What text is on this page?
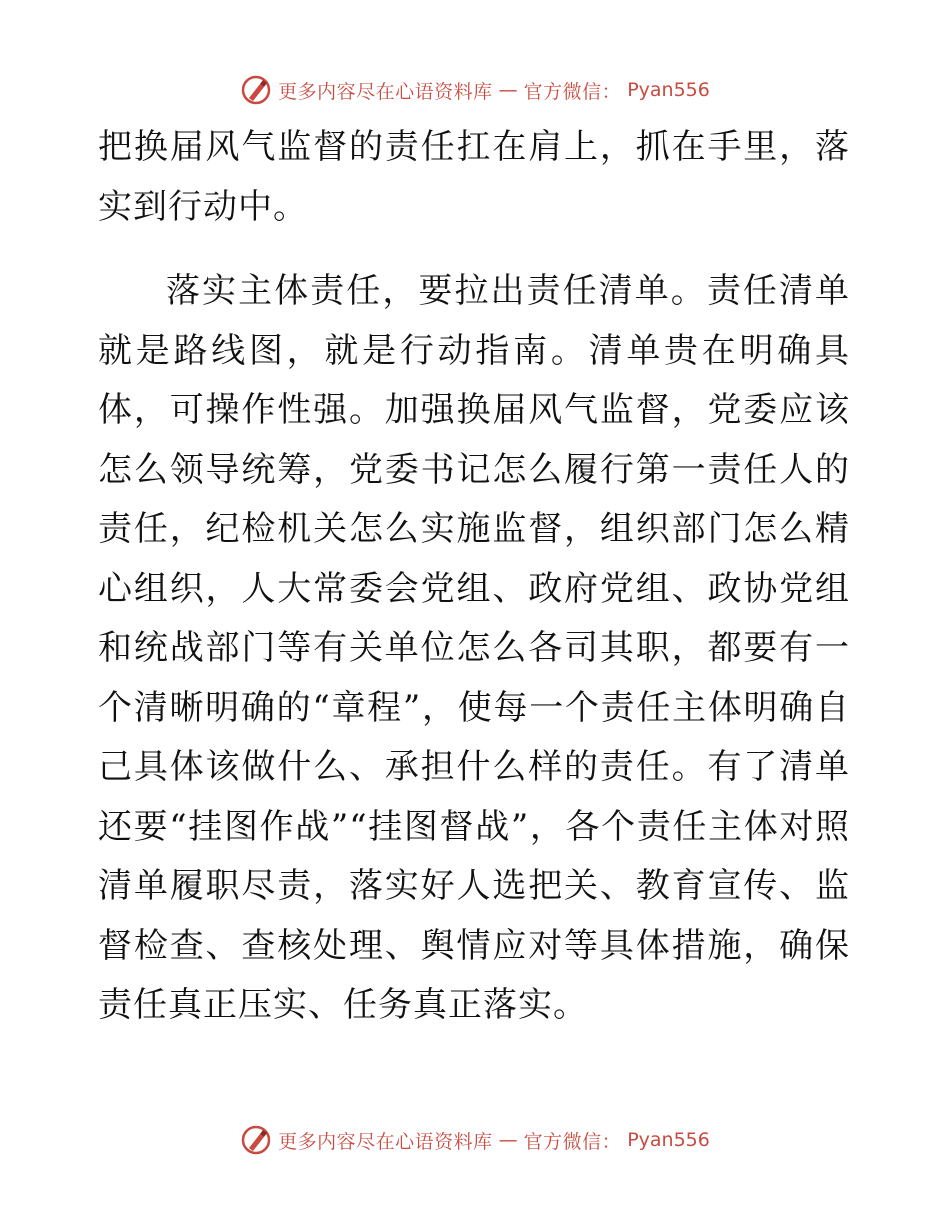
更多内容尽在心语资料库 — 官方微信： Pyan556

把换届风气监督的责任扛在肩上，抓在手里，落实到行动中。

落实主体责任，要拉出责任清单。责任清单就是路线图，就是行动指南。清单贵在明确具体，可操作性强。加强换届风气监督，党委应该怎么领导统筹，党委书记怎么履行第一责任人的责任，纪检机关怎么实施监督，组织部门怎么精心组织，人大常委会党组、政府党组、政协党组和统战部门等有关单位怎么各司其职，都要有一个清晰明确的“章程”，使每一个责任主体明确自己具体该做什么、承担什么样的责任。有了清单还要“挂图作战”“挂图督战”，各个责任主体对照清单履职尽责，落实好人选把关、教育宣传、监督检查、查核处理、舆情应对等具体措施，确保责任真正压实、任务真正落实。

更多内容尽在心语资料库 — 官方微信： Pyan556
